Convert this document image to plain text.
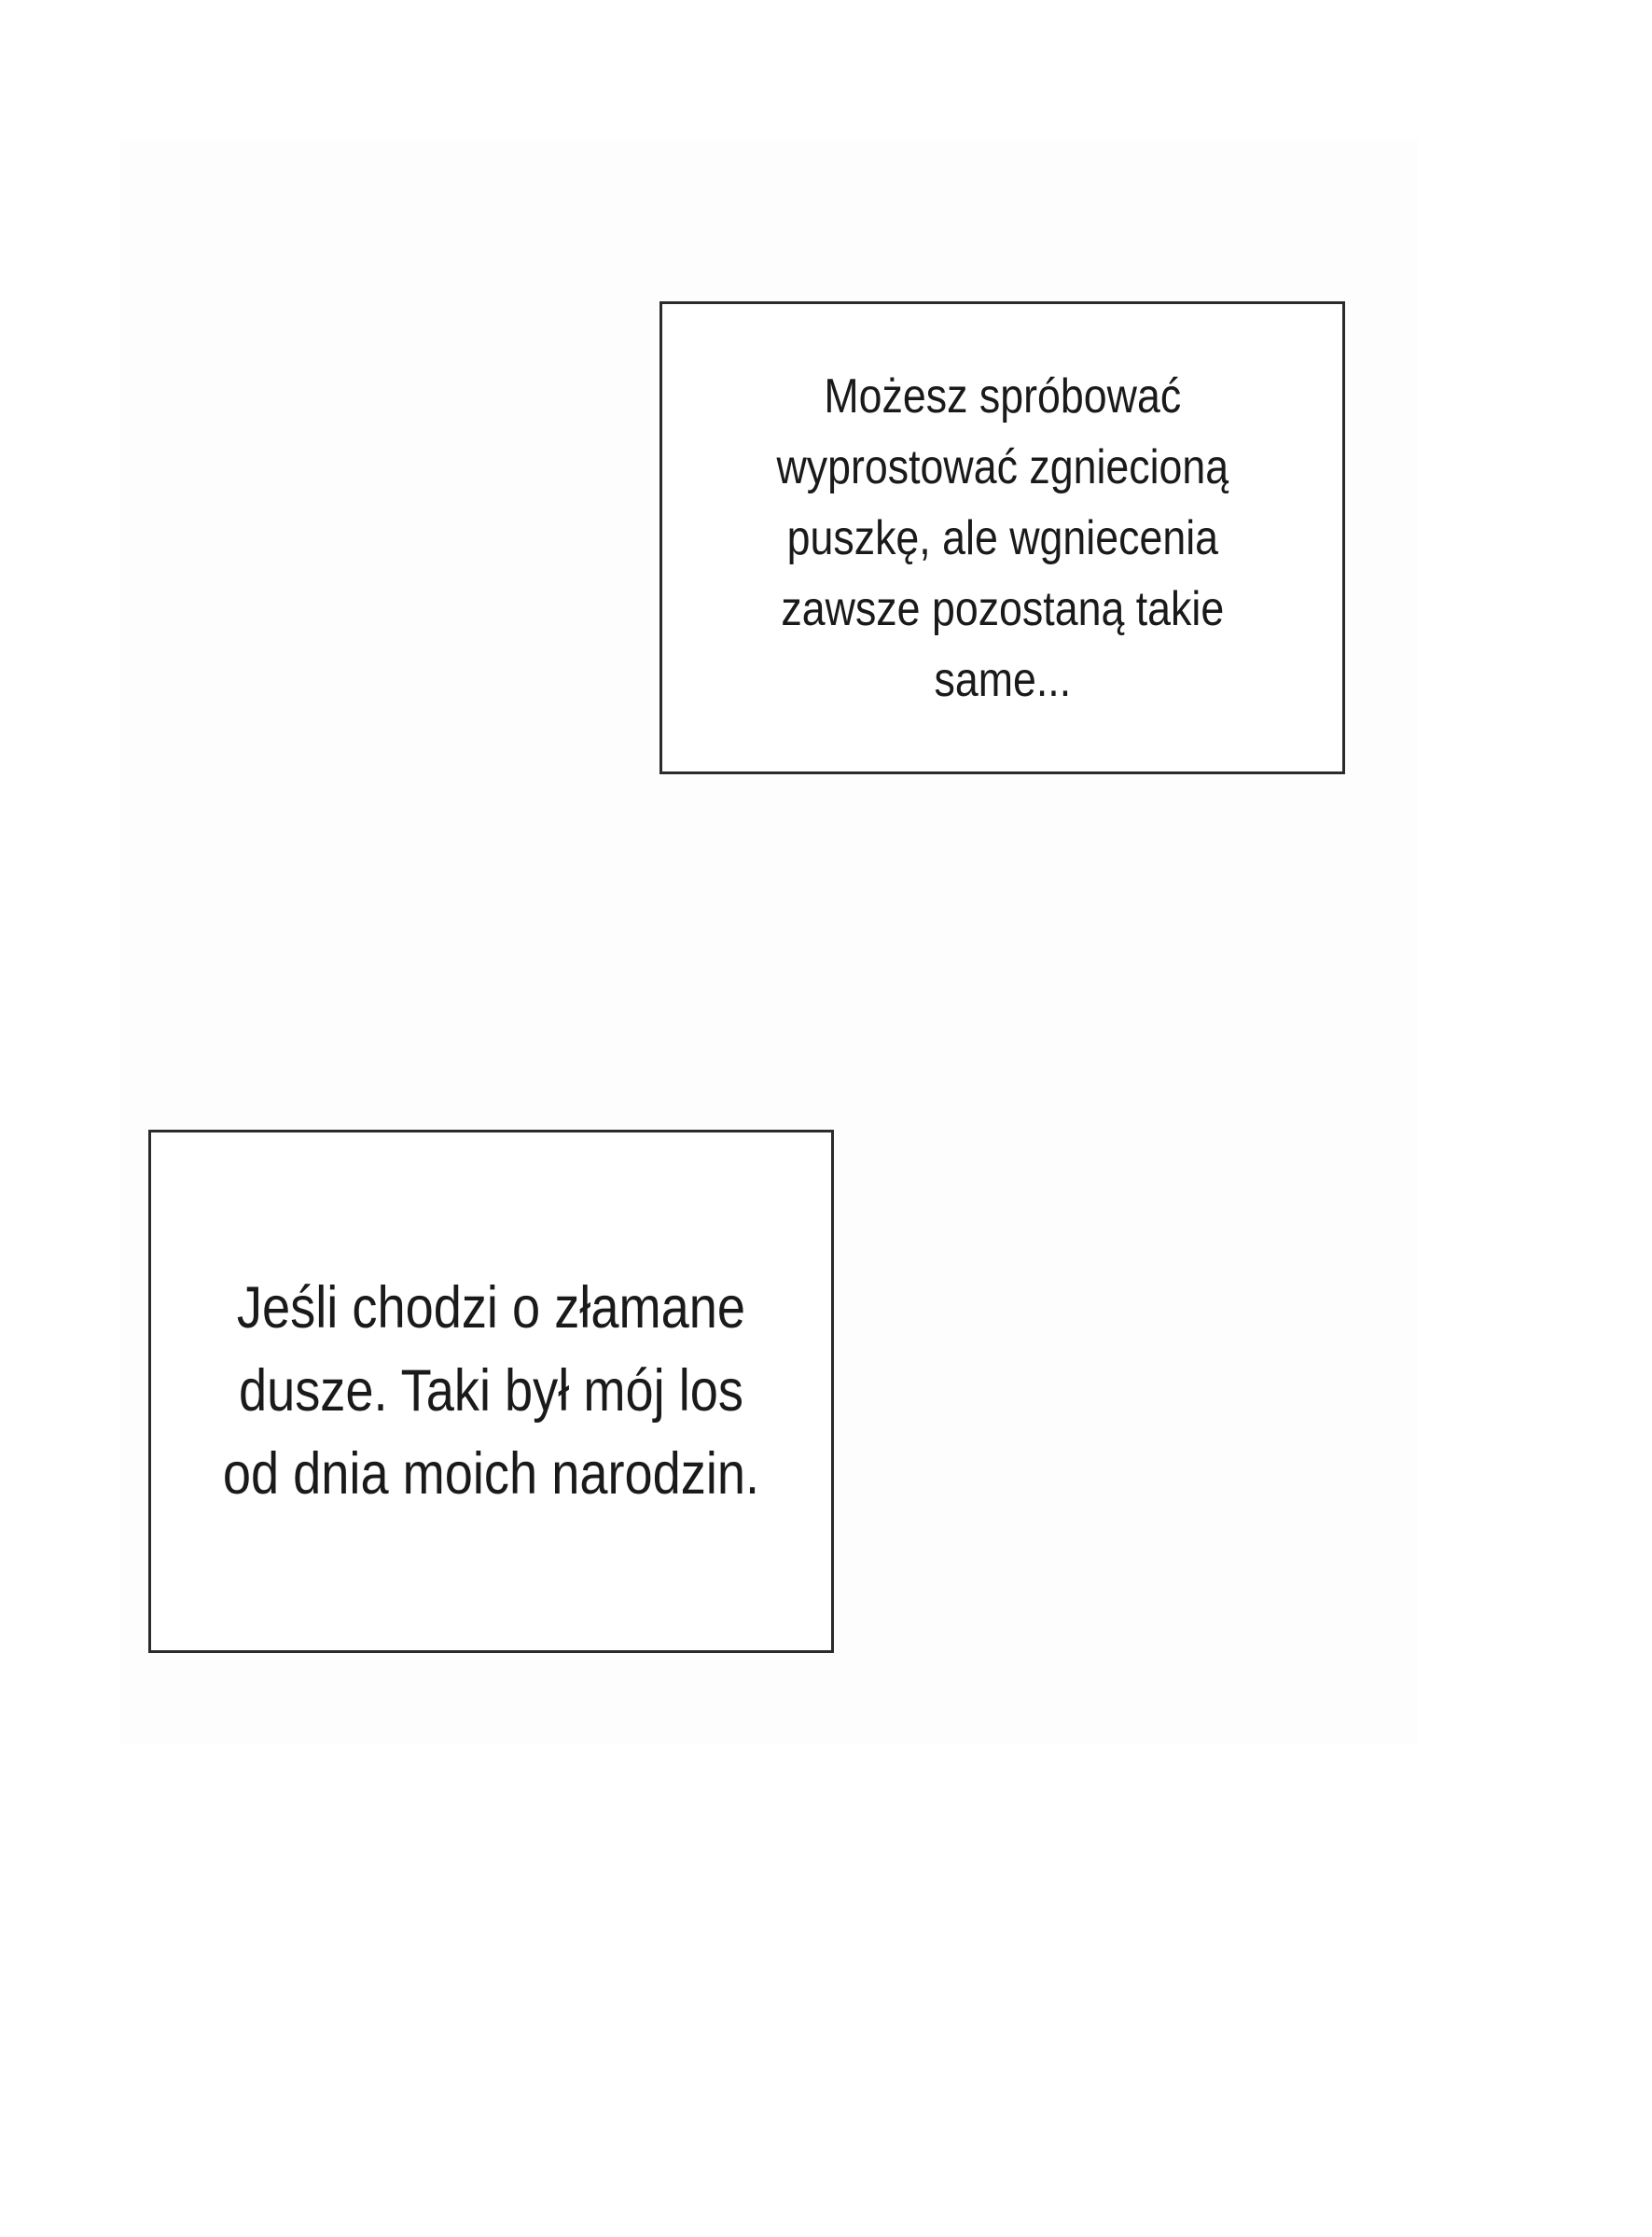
Możesz spróbować
wyprostować zgniecioną
puszkę, ale wgniecenia
zawsze pozostaną takie
same...
Jeśli chodzi o złamane
dusze. Taki był mój los
od dnia moich narodzin.
